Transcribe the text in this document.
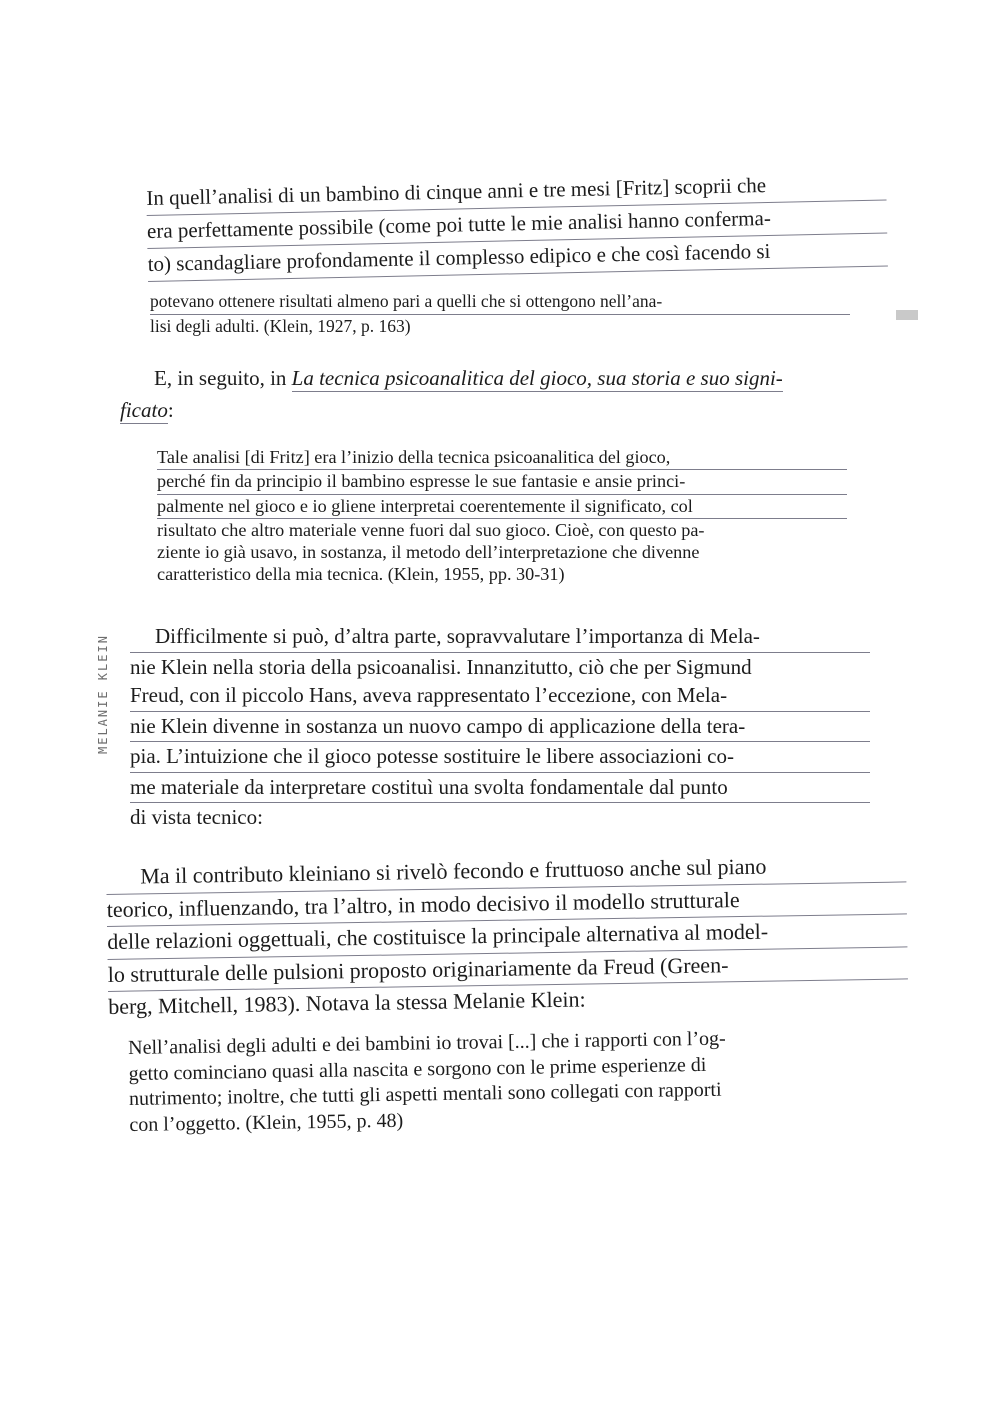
In quell’analisi di un bambino di cinque anni e tre mesi [Fritz] scoprii che
era perfettamente possibile (come poi tutte le mie analisi hanno conferma-
to) scandagliare profondamente il complesso edipico e che così facendo si
potevano ottenere risultati almeno pari a quelli che si ottengono nell’ana-
lisi degli adulti. (Klein, 1927, p. 163)
E, in seguito, in La tecnica psicoanalitica del gioco, sua storia e suo signi-
ficato:
Tale analisi [di Fritz] era l’inizio della tecnica psicoanalitica del gioco,
perché fin da principio il bambino espresse le sue fantasie e ansie princi-
palmente nel gioco e io gliene interpretai coerentemente il significato, col
risultato che altro materiale venne fuori dal suo gioco. Cioè, con questo pa-
ziente io già usavo, in sostanza, il metodo dell’interpretazione che divenne
caratteristico della mia tecnica. (Klein, 1955, pp. 30-31)
Difficilmente si può, d’altra parte, sopravvalutare l’importanza di Mela-
nie Klein nella storia della psicoanalisi. Innanzitutto, ciò che per Sigmund
Freud, con il piccolo Hans, aveva rappresentato l’eccezione, con Mela-
nie Klein divenne in sostanza un nuovo campo di applicazione della tera-
pia. L’intuizione che il gioco potesse sostituire le libere associazioni co-
me materiale da interpretare costituì una svolta fondamentale dal punto
di vista tecnico:
Ma il contributo kleiniano si rivelò fecondo e fruttuoso anche sul piano
teorico, influenzando, tra l’altro, in modo decisivo il modello strutturale
delle relazioni oggettuali, che costituisce la principale alternativa al model-
lo strutturale delle pulsioni proposto originariamente da Freud (Green-
berg, Mitchell, 1983). Notava la stessa Melanie Klein:
Nell’analisi degli adulti e dei bambini io trovai [...] che i rapporti con l’og-
getto cominciano quasi alla nascita e sorgono con le prime esperienze di
nutrimento; inoltre, che tutti gli aspetti mentali sono collegati con rapporti
con l’oggetto. (Klein, 1955, p. 48)
MELANIE KLEIN
